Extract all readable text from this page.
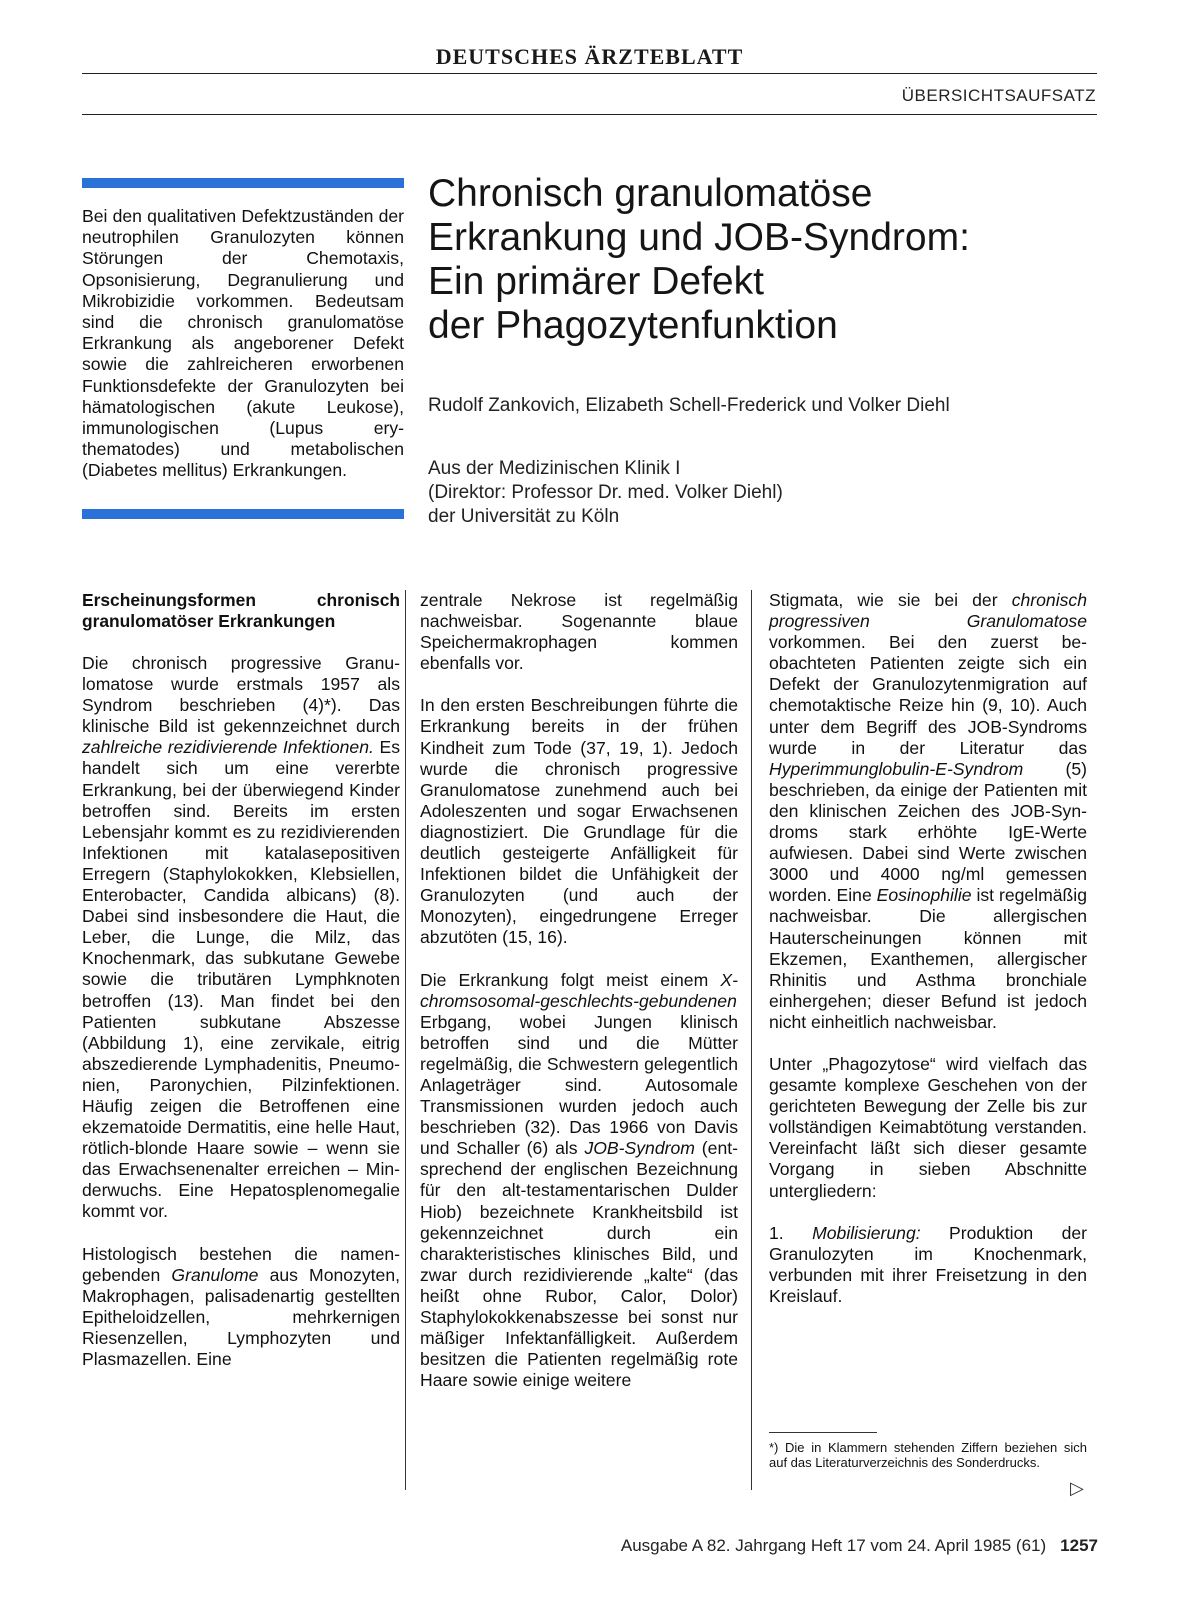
DEUTSCHES ÄRZTEBLATT
ÜBERSICHTSAUFSATZ
Bei den qualitativen Defektzuständen der neutrophilen Granulozyten können Störungen der Chemotaxis, Opsonisierung, Degranulierung und Mikrobizidie vorkommen. Bedeutsam sind die chronisch granulomatöse Erkrankung als angeborener Defekt sowie die zahlreicheren erworbenen Funktionsdefekte der Granulozyten bei hämatologischen (akute Leukose), immunologischen (Lupus erythematodes) und metabolischen (Diabetes mellitus) Erkrankungen.
Chronisch granulomatöse
Erkrankung und JOB-Syndrom:
Ein primärer Defekt
der Phagozytenfunktion
Rudolf Zankovich, Elizabeth Schell-Frederick und Volker Diehl
Aus der Medizinischen Klinik I
(Direktor: Professor Dr. med. Volker Diehl)
der Universität zu Köln
Erscheinungsformen chronisch granulomatöser Erkrankungen

Die chronisch progressive Granulomatose wurde erstmals 1957 als Syndrom beschrieben (4)*). Das klinische Bild ist gekennzeichnet durch zahlreiche rezidivierende Infektionen. Es handelt sich um eine vererbte Erkrankung, bei der überwiegend Kinder betroffen sind. Bereits im ersten Lebensjahr kommt es zu rezidivierenden Infektionen mit katalasepositiven Erregern (Staphylokokken, Klebsiellen, Enterobacter, Candida albicans) (8). Dabei sind insbesondere die Haut, die Leber, die Lunge, die Milz, das Knochenmark, das subkutane Gewebe sowie die tributären Lymphknoten betroffen (13). Man findet bei den Patienten subkutane Abszesse (Abbildung 1), eine zervikale, eitrig abszedierende Lymphadenitis, Pneumonien, Paronychien, Pilzinfektionen. Häufig zeigen die Betroffenen eine ekzematoide Dermatitis, eine helle Haut, rötlich-blonde Haare sowie – wenn sie das Erwachsenenalter erreichen – Minderwuchs. Eine Hepatosplenomegalie kommt vor.

Histologisch bestehen die namengebenden Granulome aus Monozyten, Makrophagen, palisadenartig gestellten Epitheloidzellen, mehrkernigen Riesenzellen, Lymphozyten und Plasmazellen. Eine

zentrale Nekrose ist regelmäßig nachweisbar. Sogenannte blaue Speichermakrophagen kommen ebenfalls vor.

In den ersten Beschreibungen führte die Erkrankung bereits in der frühen Kindheit zum Tode (37, 19, 1). Jedoch wurde die chronisch progressive Granulomatose zunehmend auch bei Adoleszenten und sogar Erwachsenen diagnostiziert. Die Grundlage für die deutlich gesteigerte Anfälligkeit für Infektionen bildet die Unfähigkeit der Granulozyten (und auch der Monozyten), eingedrungene Erreger abzutöten (15, 16).

Die Erkrankung folgt meist einem X-chromsosomal-geschlechts-gebundenen Erbgang, wobei Jungen klinisch betroffen sind und die Mütter regelmäßig, die Schwestern gelegentlich Anlageträger sind. Autosomale Transmissionen wurden jedoch auch beschrieben (32). Das 1966 von Davis und Schaller (6) als JOB-Syndrom (entsprechend der englischen Bezeichnung für den alt-testamentarischen Dulder Hiob) bezeichnete Krankheitsbild ist gekennzeichnet durch ein charakteristisches klinisches Bild, und zwar durch rezidivierende „kalte“ (das heißt ohne Rubor, Calor, Dolor) Staphylokokkenabszesse bei sonst nur mäßiger Infektanfälligkeit. Außerdem besitzen die Patienten regelmäßig rote Haare sowie einige weitere

Stigmata, wie sie bei der chronisch progressiven Granulomatose vorkommen. Bei den zuerst beobachteten Patienten zeigte sich ein Defekt der Granulozytenmigration auf chemotaktische Reize hin (9, 10). Auch unter dem Begriff des JOB-Syndroms wurde in der Literatur das Hyperimmunglobulin-E-Syndrom (5) beschrieben, da einige der Patienten mit den klinischen Zeichen des JOB-Syndroms stark erhöhte IgE-Werte aufwiesen. Dabei sind Werte zwischen 3000 und 4000 ng/ml gemessen worden. Eine Eosinophilie ist regelmäßig nachweisbar. Die allergischen Hauterscheinungen können mit Ekzemen, Exanthemen, allergischer Rhinitis und Asthma bronchiale einhergehen; dieser Befund ist jedoch nicht einheitlich nachweisbar.

Unter „Phagozytose“ wird vielfach das gesamte komplexe Geschehen von der gerichteten Bewegung der Zelle bis zur vollständigen Keimabtötung verstanden. Vereinfacht läßt sich dieser gesamte Vorgang in sieben Abschnitte untergliedern:

1. Mobilisierung: Produktion der Granulozyten im Knochenmark, verbunden mit ihrer Freisetzung in den Kreislauf.

*) Die in Klammern stehenden Ziffern beziehen sich auf das Literaturverzeichnis des Sonderdrucks.
▷
Ausgabe A 82. Jahrgang Heft 17 vom 24. April 1985 (61) 1257
